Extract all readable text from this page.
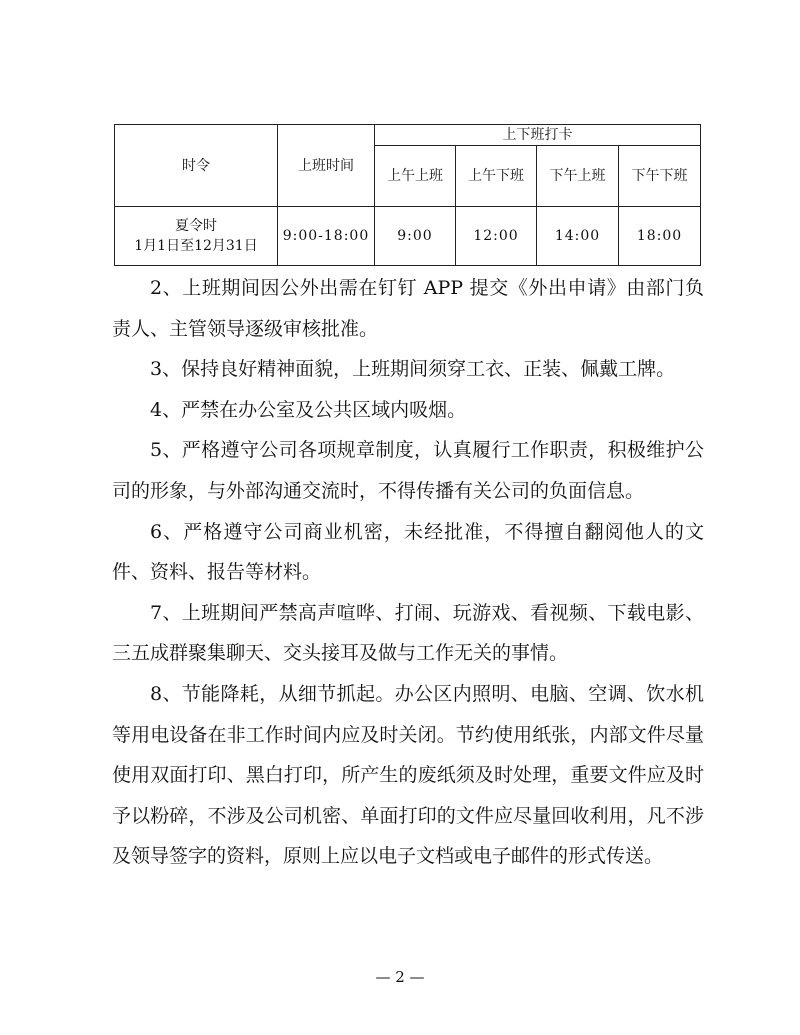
时令	上班时间	上下班打卡			
		上午上班	上午下班	下午上班	下午下班

夏令时
1月1日至12月31日	9:00-18:00	9:00	12:00	14:00	18:00

2、上班期间因公外出需在钉钉 APP 提交《外出申请》由部门负责人、主管领导逐级审核批准。

3、保持良好精神面貌，上班期间须穿工衣、正装、佩戴工牌。

4、严禁在办公室及公共区域内吸烟。

5、严格遵守公司各项规章制度，认真履行工作职责，积极维护公司的形象，与外部沟通交流时，不得传播有关公司的负面信息。

6、严格遵守公司商业机密，未经批准，不得擅自翻阅他人的文件、资料、报告等材料。

7、上班期间严禁高声喧哗、打闹、玩游戏、看视频、下载电影、三五成群聚集聊天、交头接耳及做与工作无关的事情。

8、节能降耗，从细节抓起。办公区内照明、电脑、空调、饮水机等用电设备在非工作时间内应及时关闭。节约使用纸张，内部文件尽量使用双面打印、黑白打印，所产生的废纸须及时处理，重要文件应及时予以粉碎，不涉及公司机密、单面打印的文件应尽量回收利用，凡不涉及领导签字的资料，原则上应以电子文档或电子邮件的形式传送。

— 2 —
